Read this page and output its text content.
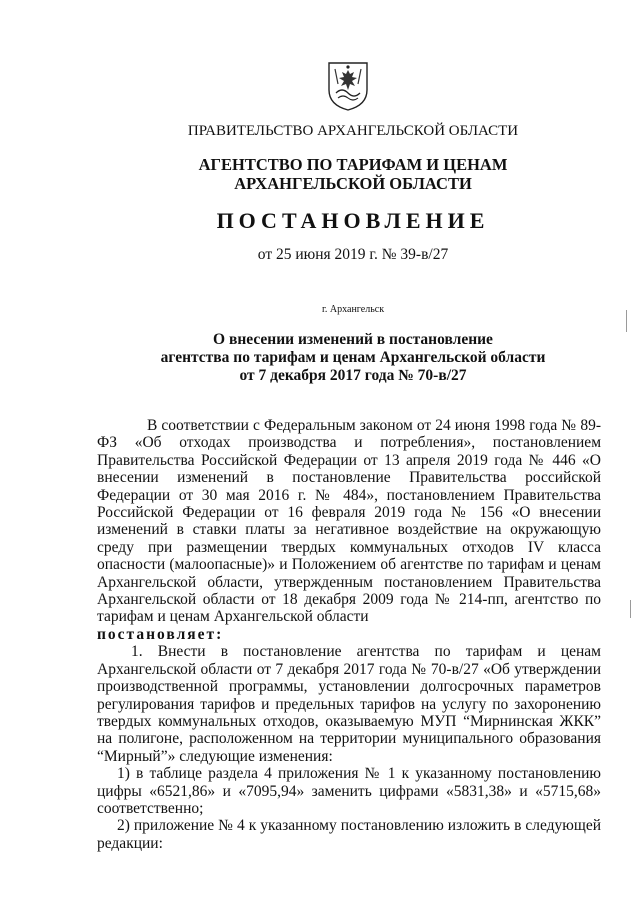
ПРАВИТЕЛЬСТВО АРХАНГЕЛЬСКОЙ ОБЛАСТИ
АГЕНТСТВО ПО ТАРИФАМ И ЦЕНАМ
АРХАНГЕЛЬСКОЙ ОБЛАСТИ
ПОСТАНОВЛЕНИЕ
от 25 июня 2019 г. № 39-в/27
г. Архангельск
О внесении изменений в постановление
агентства по тарифам и ценам Архангельской области
от 7 декабря 2017 года № 70-в/27

В соответствии с Федеральным законом от 24 июня 1998 года № 89-ФЗ «Об отходах производства и потребления», постановлением Правительства Российской Федерации от 13 апреля 2019 года № 446 «О внесении изменений в постановление Правительства российской Федерации от 30 мая 2016 г. № 484», постановлением Правительства Российской Федерации от 16 февраля 2019 года № 156 «О внесении изменений в ставки платы за негативное воздействие на окружающую среду при размещении твердых коммунальных отходов IV класса опасности (малоопасные)» и Положением об агентстве по тарифам и ценам Архангельской области, утвержденным постановлением Правительства Архангельской области от 18 декабря 2009 года № 214-пп, агентство по тарифам и ценам Архангельской области

постановляет:

1. Внести в постановление агентства по тарифам и ценам Архангельской области от 7 декабря 2017 года № 70-в/27 «Об утверждении производственной программы, установлении долгосрочных параметров регулирования тарифов и предельных тарифов на услугу по захоронению твердых коммунальных отходов, оказываемую МУП “Мирнинская ЖКК” на полигоне, расположенном на территории муниципального образования “Мирный”» следующие изменения:

1) в таблице раздела 4 приложения № 1 к указанному постановлению цифры «6521,86» и «7095,94» заменить цифрами «5831,38» и «5715,68» соответственно;

2) приложение № 4 к указанному постановлению изложить в следующей редакции:
